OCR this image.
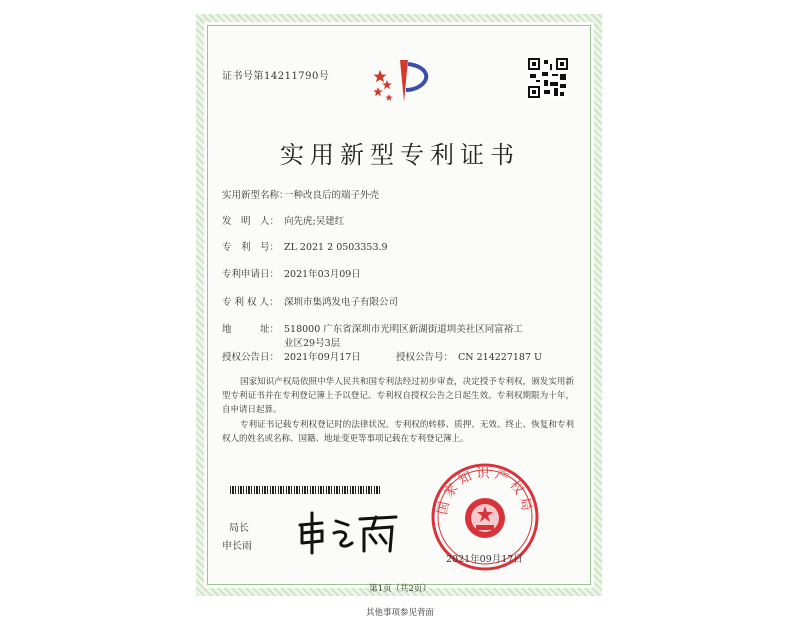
证书号第14211790号
实用新型专利证书
实用新型名称：一种改良后的端子外壳
发　明　人： 向先虎;吴建红
专　利　号： ZL 2021 2 0503353.9
专利申请日： 2021年03月09日
专 利 权 人： 深圳市集鸿发电子有限公司
地　　　址： 518000 广东省深圳市光明区新湖街道圳美社区同富裕工
业区29号3层
授权公告日： 2021年09月17日	授权公告号： CN 214227187 U
国家知识产权局依照中华人民共和国专利法经过初步审查，决定授予专利权，颁发实用新型专利证书并在专利登记簿上予以登记。专利权自授权公告之日起生效。专利权期限为十年，自申请日起算。
专利证书记载专利权登记时的法律状况。专利权的转移、质押、无效、终止、恢复和专利权人的姓名或名称、国籍、地址变更等事项记载在专利登记簿上。
局长
申长雨
国家知识产权局
2021年09月17日
第1页（共2页）
其他事项参见背面
